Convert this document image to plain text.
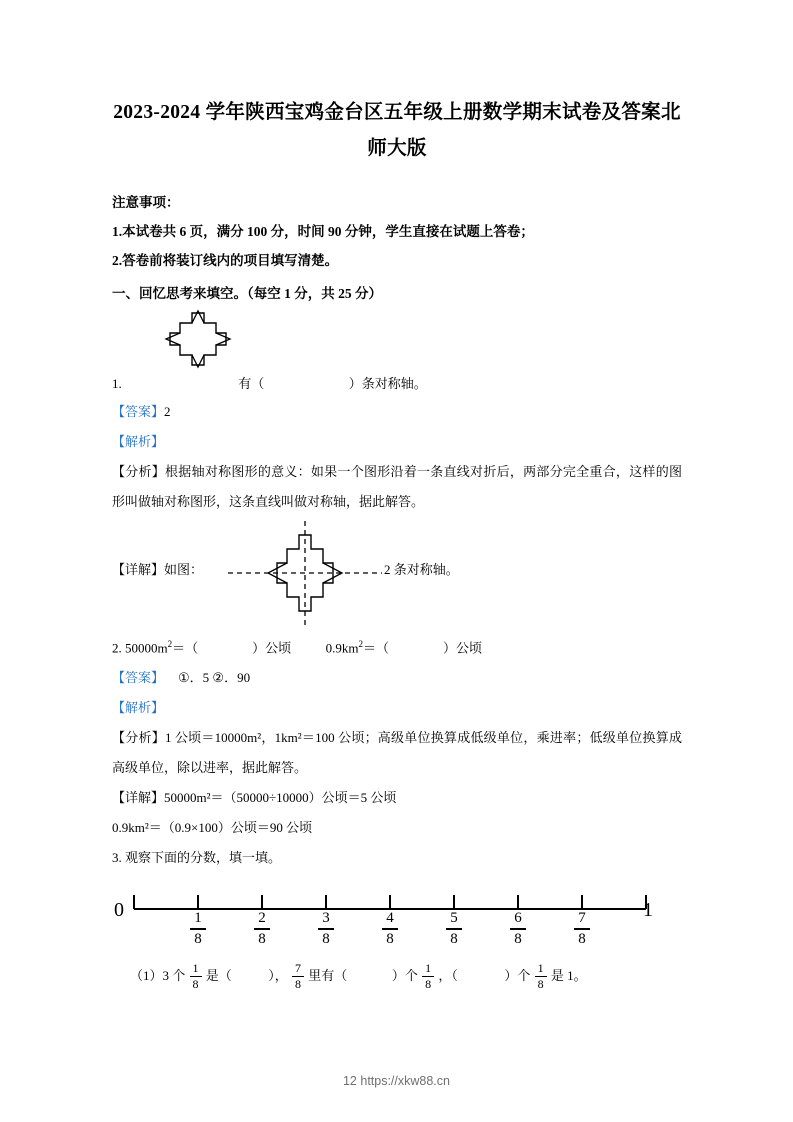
2023-2024 学年陕西宝鸡金台区五年级上册数学期末试卷及答案北师大版
注意事项：
1.本试卷共 6 页，满分 100 分，时间 90 分钟，学生直接在试题上答卷；
2.答卷前将装订线内的项目填写清楚。
一、回忆思考来填空。（每空 1 分，共 25 分）
1.	有（	）条对称轴。
【答案】2
【解析】
【分析】根据轴对称图形的意义：如果一个图形沿着一条直线对折后，两部分完全重合，这样的图形叫做轴对称图形，这条直线叫做对称轴，据此解答。
【详解】如图：	2 条对称轴。
2. $50000m^2=$（	）公顷	$0.9km^2=$（	）公顷
【答案】 ①．5 ②．90
【解析】
【分析】1 公顷＝10000m²，1km²＝100 公顷；高级单位换算成低级单位，乘进率；低级单位换算成高级单位，除以进率，据此解答。
【详解】50000m²＝（50000÷10000）公顷＝5 公顷
0.9km²＝（0.9×100）公顷＝90 公顷
3. 观察下面的分数，填一填。
0	1
1
8
2
8
3
8
4
8
5
8
6
8
7
8
（1）3 个 $\frac{1}{8}$ 是（	）， $\frac{7}{8}$ 里有（	）个 $\frac{1}{8}$ ，（	）个 $\frac{1}{8}$ 是 1。
12 https://xkw88.cn
